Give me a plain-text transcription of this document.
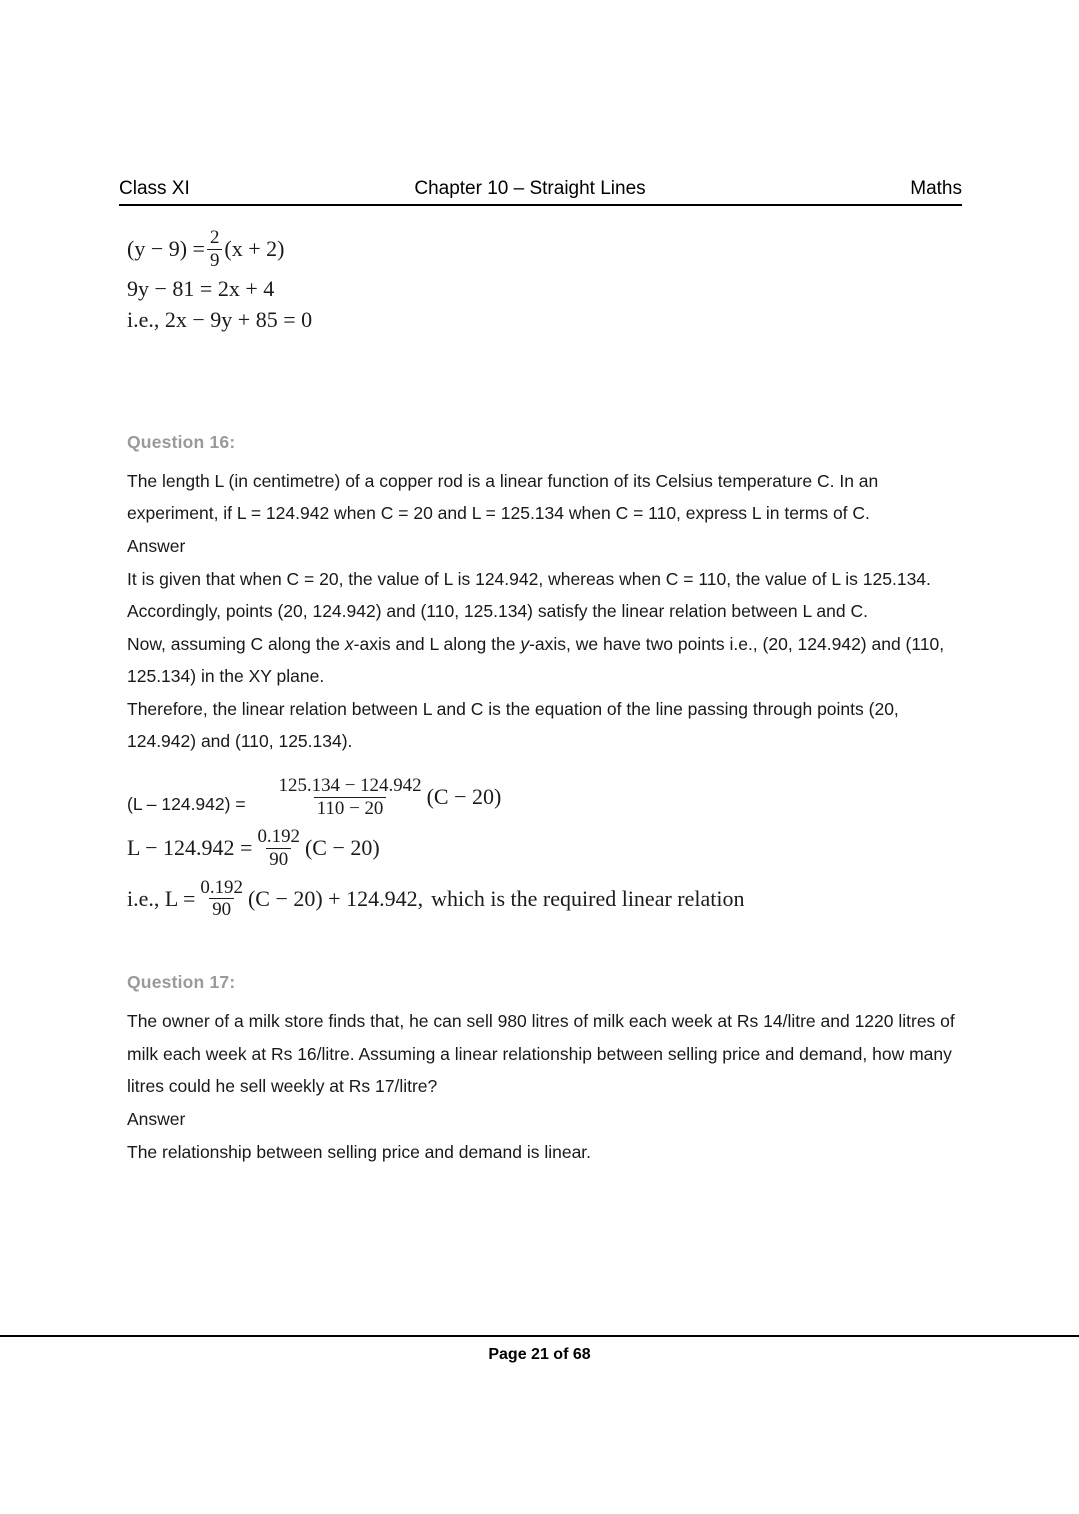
Class XI	Chapter 10 – Straight Lines	Maths
$(y - 9) = \frac{2}{9} (x + 2)$
9y − 81 = 2x + 4
i.e., 2x − 9y + 85 = 0
Question 16:
The length L (in centimetre) of a copper rod is a linear function of its Celsius temperature C. In an experiment, if L = 124.942 when C = 20 and L = 125.134 when C = 110, express L in terms of C.
Answer
It is given that when C = 20, the value of L is 124.942, whereas when C = 110, the value of L is 125.134.
Accordingly, points (20, 124.942) and (110, 125.134) satisfy the linear relation between L and C.
Now, assuming C along the x-axis and L along the y-axis, we have two points i.e., (20, 124.942) and (110, 125.134) in the XY plane.
Therefore, the linear relation between L and C is the equation of the line passing through points (20, 124.942) and (110, 125.134).
$(L - 124.942) = \frac{125.134 - 124.942}{110 - 20} (C - 20)$
$L - 124.942 = \frac{0.192}{90} (C - 20)$
i.e., $L = \frac{0.192}{90} (C - 20) + 124.942$, which is the required linear relation
Question 17:
The owner of a milk store finds that, he can sell 980 litres of milk each week at Rs 14/litre and 1220 litres of milk each week at Rs 16/litre. Assuming a linear relationship between selling price and demand, how many litres could he sell weekly at Rs 17/litre?
Answer
The relationship between selling price and demand is linear.
Page 21 of 68
